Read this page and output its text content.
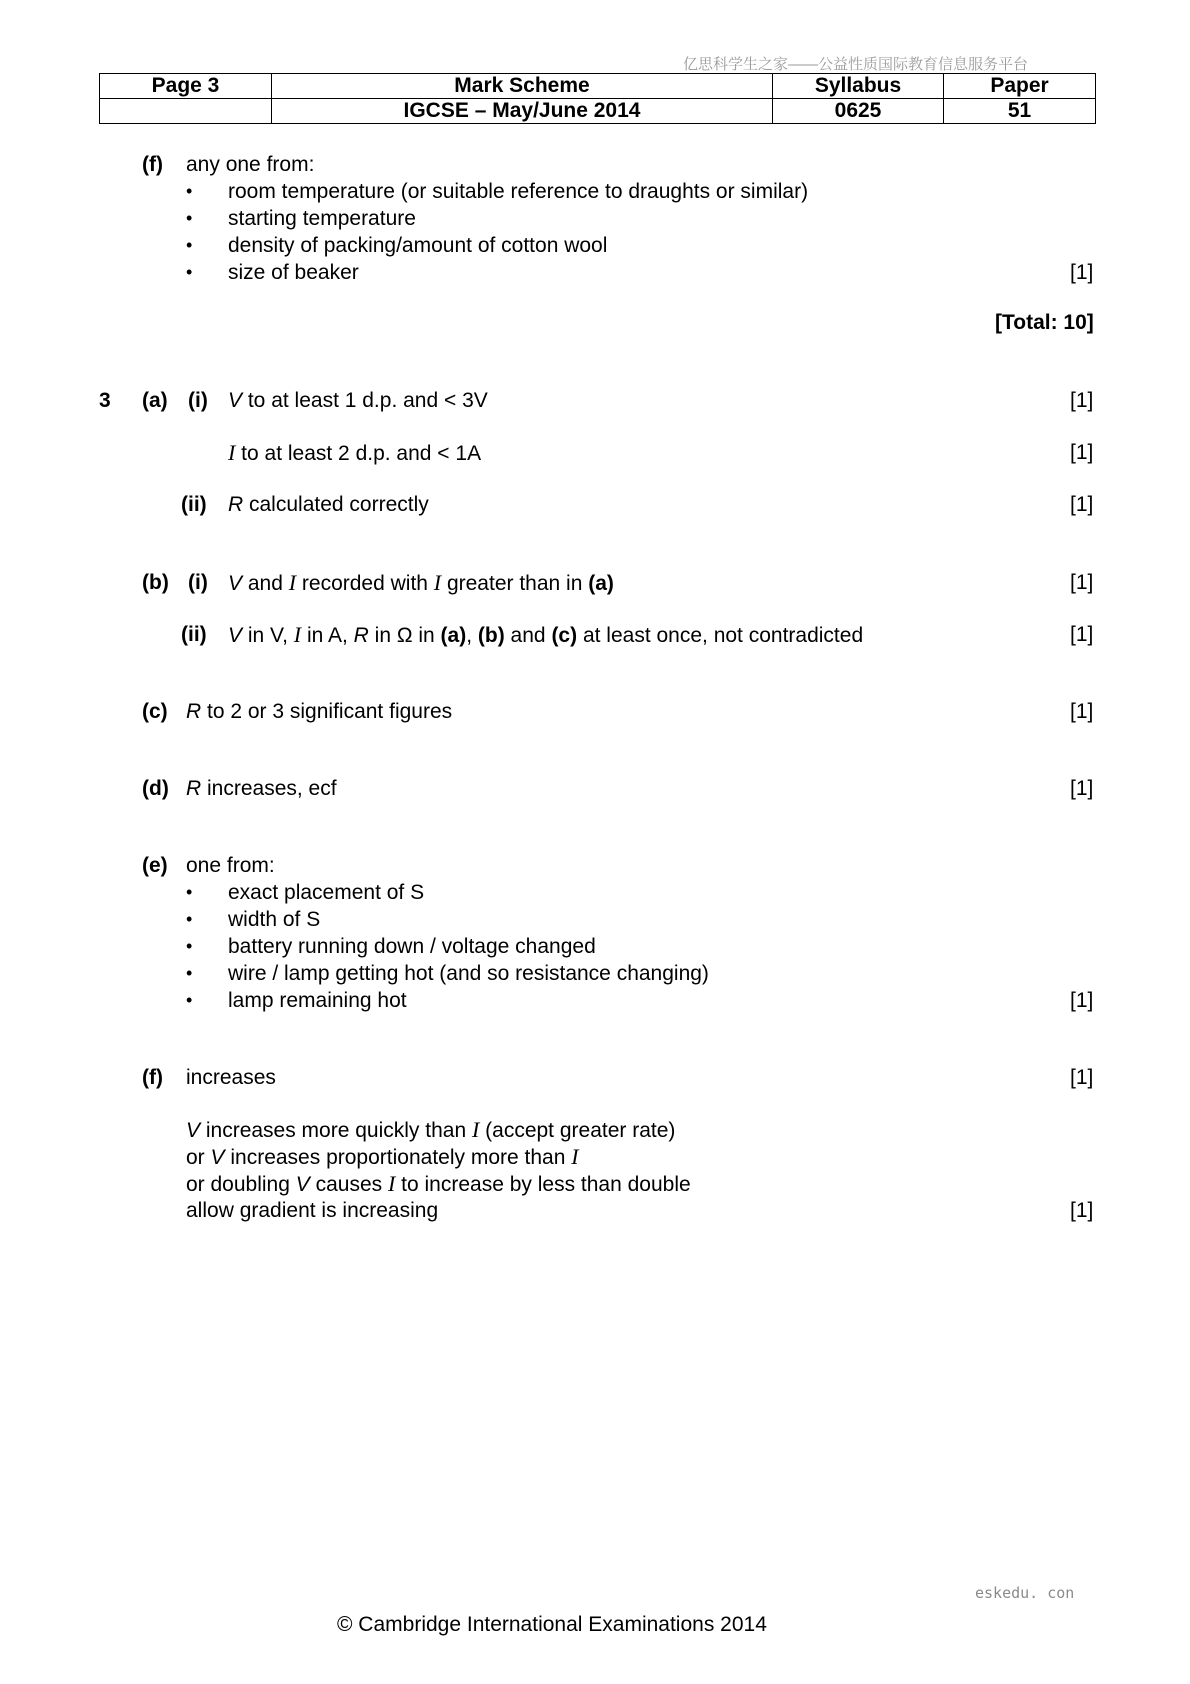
亿思科学生之家——公益性质国际教育信息服务平台
Page 3	Mark Scheme	Syllabus	Paper
	IGCSE – May/June 2014	0625	51
(f) any one from:
• room temperature (or suitable reference to draughts or similar)
• starting temperature
• density of packing/amount of cotton wool
• size of beaker	[1]
[Total: 10]
3 (a) (i) V to at least 1 d.p. and < 3V	[1]
I to at least 2 d.p. and < 1A	[1]
(ii) R calculated correctly	[1]
(b) (i) V and I recorded with I greater than in (a)	[1]
(ii) V in V, I in A, R in Ω in (a), (b) and (c) at least once, not contradicted	[1]
(c) R to 2 or 3 significant figures	[1]
(d) R increases, ecf	[1]
(e) one from:
• exact placement of S
• width of S
• battery running down / voltage changed
• wire / lamp getting hot (and so resistance changing)
• lamp remaining hot	[1]
(f) increases	[1]
V increases more quickly than I (accept greater rate)
or V increases proportionately more than I
or doubling V causes I to increase by less than double
allow gradient is increasing	[1]
eskedu. con
© Cambridge International Examinations 2014
